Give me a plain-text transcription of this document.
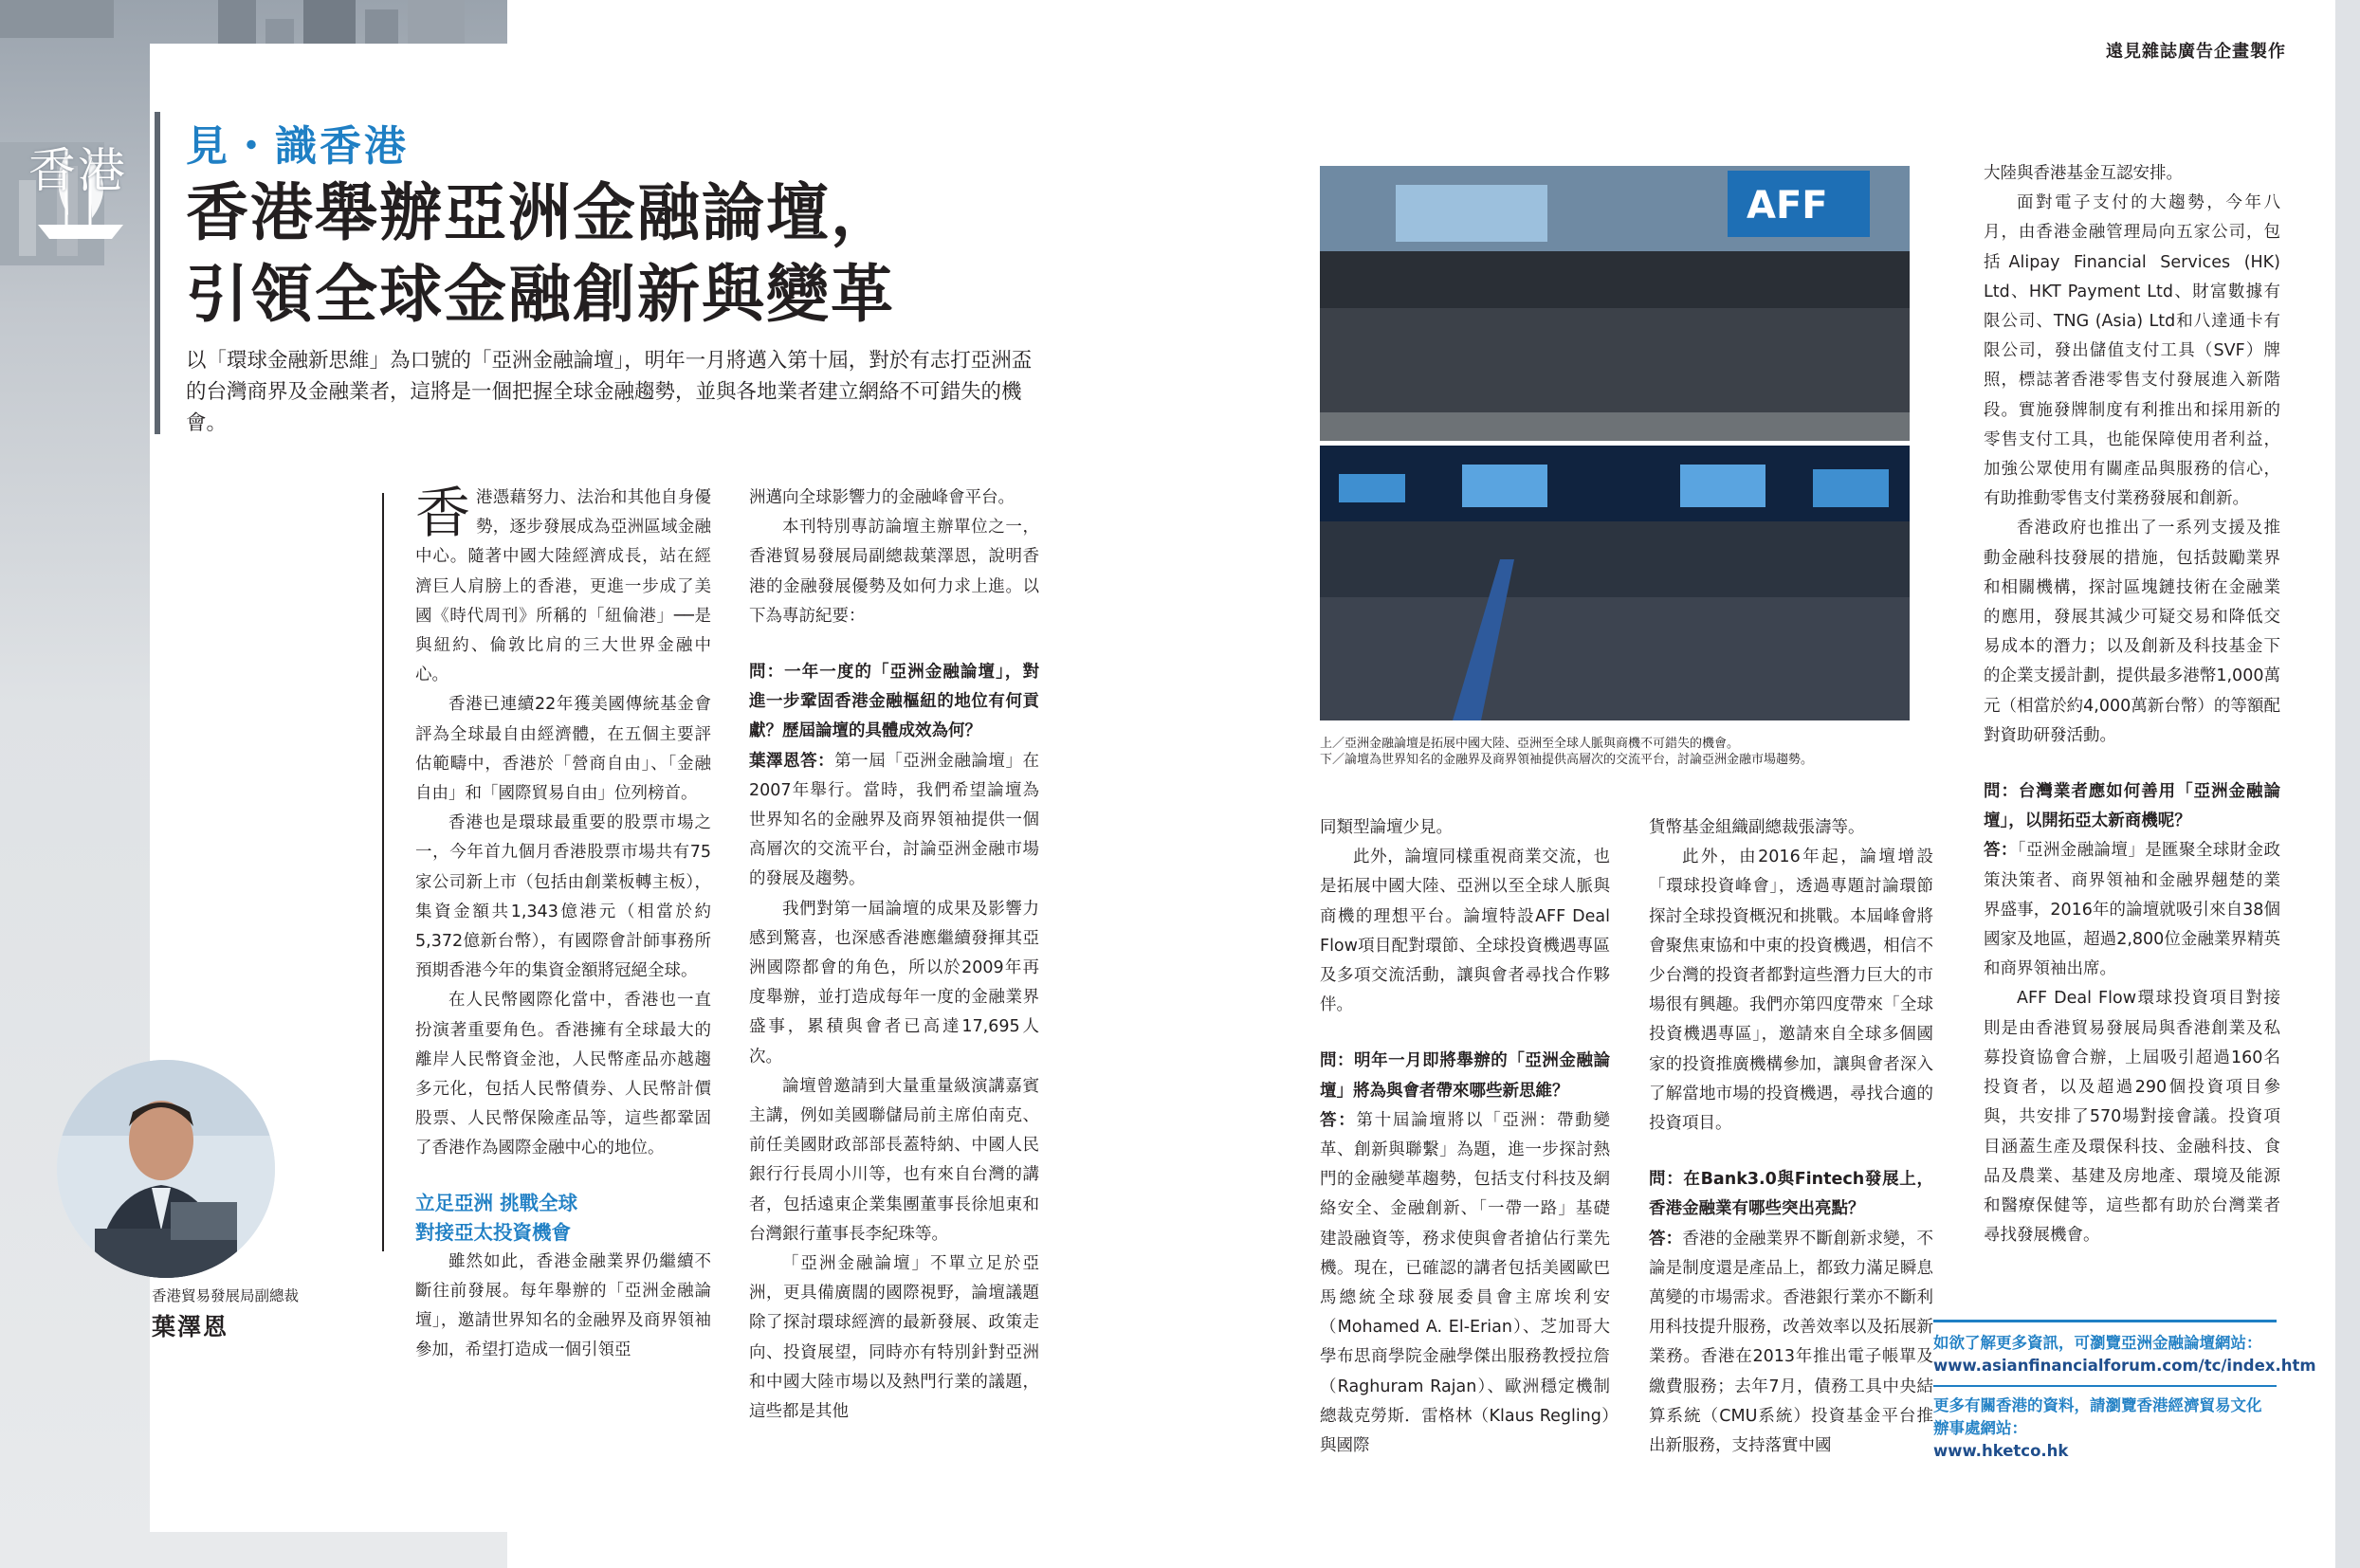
香港 見・識香港
香港舉辦亞洲金融論壇，
引領全球金融創新與變革

以「環球金融新思維」為口號的「亞洲金融論壇」，明年一月將邁入第十屆，對於有志打亞洲盃的台灣商界及金融業者，這將是一個把握全球金融趨勢，並與各地業者建立網絡不可錯失的機會。

香港憑藉努力、法治和其他自身優勢，逐步發展成為亞洲區域金融中心。隨著中國大陸經濟成長，站在經濟巨人肩膀上的香港，更進一步成了美國《時代周刊》所稱的「紐倫港」──是與紐約、倫敦比肩的三大世界金融中心。

香港已連續22年獲美國傳統基金會評為全球最自由經濟體，在五個主要評估範疇中，香港於「營商自由」、「金融自由」和「國際貿易自由」位列榜首。

香港也是環球最重要的股票市場之一，今年首九個月香港股票市場共有75家公司新上市（包括由創業板轉主板），集資金額共1,343億港元（相當於約5,372億新台幣），有國際會計師事務所預期香港今年的集資金額將冠絕全球。

在人民幣國際化當中，香港也一直扮演著重要角色。香港擁有全球最大的離岸人民幣資金池，人民幣產品亦越趨多元化，包括人民幣債券、人民幣計價股票、人民幣保險產品等，這些都鞏固了香港作為國際金融中心的地位。

立足亞洲 挑戰全球
對接亞太投資機會

雖然如此，香港金融業界仍繼續不斷往前發展。每年舉辦的「亞洲金融論壇」，邀請世界知名的金融界及商界領袖參加，希望打造成一個引領亞

洲邁向全球影響力的金融峰會平台。

本刊特別專訪論壇主辦單位之一，香港貿易發展局副總裁葉澤恩，說明香港的金融發展優勢及如何力求上進。以下為專訪紀要：

問：一年一度的「亞洲金融論壇」，對進一步鞏固香港金融樞紐的地位有何貢獻？歷屆論壇的具體成效為何？

葉澤恩答：第一屆「亞洲金融論壇」在2007年舉行。當時，我們希望論壇為世界知名的金融界及商界領袖提供一個高層次的交流平台，討論亞洲金融市場的發展及趨勢。

我們對第一屆論壇的成果及影響力感到驚喜，也深感香港應繼續發揮其亞洲國際都會的角色，所以於2009年再度舉辦，並打造成每年一度的金融業界盛事，累積與會者已高達17,695人次。

論壇曾邀請到大量重量級演講嘉賓主講，例如美國聯儲局前主席伯南克、前任美國財政部部長蓋特納、中國人民銀行行長周小川等，也有來自台灣的講者，包括遠東企業集團董事長徐旭東和台灣銀行董事長李紀珠等。

「亞洲金融論壇」不單立足於亞洲，更具備廣闊的國際視野，論壇議題除了探討環球經濟的最新發展、政策走向、投資展望，同時亦有特別針對亞洲和中國大陸市場以及熱門行業的議題，這些都是其他

香港貿易發展局副總裁

葉澤恩

遠見雜誌廣告企畫製作

AFF

上／亞洲金融論壇是拓展中國大陸、亞洲至全球人脈與商機不可錯失的機會。
下／論壇為世界知名的金融界及商界領袖提供高層次的交流平台，討論亞洲金融市場趨勢。

同類型論壇少見。

此外，論壇同樣重視商業交流，也是拓展中國大陸、亞洲以至全球人脈與商機的理想平台。論壇特設AFF Deal Flow項目配對環節、全球投資機遇專區及多項交流活動，讓與會者尋找合作夥伴。

問：明年一月即將舉辦的「亞洲金融論壇」將為與會者帶來哪些新思維？

答：第十屆論壇將以「亞洲：帶動變革、創新與聯繫」為題，進一步探討熱門的金融變革趨勢，包括支付科技及網絡安全、金融創新、「一帶一路」基礎建設融資等，務求使與會者搶佔行業先機。現在，已確認的講者包括美國歐巴馬總統全球發展委員會主席埃利安（Mohamed A. El-Erian）、芝加哥大學布思商學院金融學傑出服務教授拉詹（Raghuram Rajan）、歐洲穩定機制總裁克勞斯．雷格林（Klaus Regling）與國際

貨幣基金組織副總裁張濤等。

此外，由2016年起，論壇增設「環球投資峰會」，透過專題討論環節探討全球投資概況和挑戰。本屆峰會將會聚焦東協和中東的投資機遇，相信不少台灣的投資者都對這些潛力巨大的市場很有興趣。我們亦第四度帶來「全球投資機遇專區」，邀請來自全球多個國家的投資推廣機構參加，讓與會者深入了解當地市場的投資機遇，尋找合適的投資項目。

問：在Bank3.0與Fintech發展上，香港金融業有哪些突出亮點？

答：香港的金融業界不斷創新求變，不論是制度還是產品上，都致力滿足瞬息萬變的市場需求。香港銀行業亦不斷利用科技提升服務，改善效率以及拓展新業務。香港在2013年推出電子帳單及繳費服務；去年7月，債務工具中央結算系統（CMU系統）投資基金平台推出新服務，支持落實中國

大陸與香港基金互認安排。

面對電子支付的大趨勢，今年八月，由香港金融管理局向五家公司，包括Alipay Financial Services (HK) Ltd、HKT Payment Ltd、財富數據有限公司、TNG (Asia) Ltd和八達通卡有限公司，發出儲值支付工具（SVF）牌照，標誌著香港零售支付發展進入新階段。實施發牌制度有利推出和採用新的零售支付工具，也能保障使用者利益，加強公眾使用有關產品與服務的信心，有助推動零售支付業務發展和創新。

香港政府也推出了一系列支援及推動金融科技發展的措施，包括鼓勵業界和相關機構，探討區塊鏈技術在金融業的應用，發展其減少可疑交易和降低交易成本的潛力；以及創新及科技基金下的企業支援計劃，提供最多港幣1,000萬元（相當於約4,000萬新台幣）的等額配對資助研發活動。

問：台灣業者應如何善用「亞洲金融論壇」，以開拓亞太新商機呢？

答：「亞洲金融論壇」是匯聚全球財金政策決策者、商界領袖和金融界翹楚的業界盛事，2016年的論壇就吸引來自38個國家及地區，超過2,800位金融業界精英和商界領袖出席。

AFF Deal Flow環球投資項目對接則是由香港貿易發展局與香港創業及私募投資協會合辦，上屆吸引超過160名投資者，以及超過290個投資項目參與，共安排了570場對接會議。投資項目涵蓋生產及環保科技、金融科技、食品及農業、基建及房地產、環境及能源和醫療保健等，這些都有助於台灣業者尋找發展機會。

如欲了解更多資訊，可瀏覽亞洲金融論壇網站：

www.asianfinancialforum.com/tc/index.htm

更多有關香港的資料，請瀏覽香港經濟貿易文化辦事處網站：

www.hketco.hk
